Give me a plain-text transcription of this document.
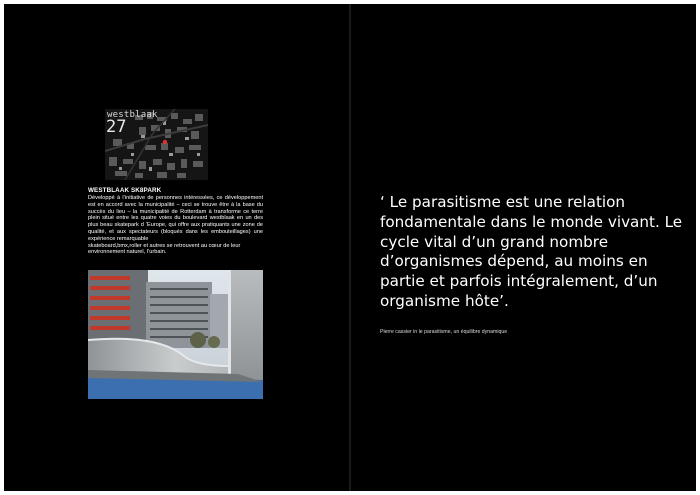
westblaak
27

WESTBLAAK SK8PARK

Développé à l’initiative de personnes intéressées, ce développement est en accord avec la municipalité – ceci se trouve être à la base du succès du lieu – la municipalité de Rotterdam à transforme ce terre plein situé entre les quatre voies du boulevard westblaak en un des plus beau skatepark d ‘Europe, qui offre aux pratiquants une zone de qualité, et aux spectateurs (bloqués dans les embouteillages) une expérience remarquable

skateboard,bmx,roller et autres se retrouvent au cœur de leur environnement naturel, l’urbain.

‘ Le parasitisme est une relation fondamentale dans le monde vivant. Le cycle vital d’un grand nombre d’organismes dépend, au moins en partie et parfois intégralement, d’un organisme hôte’.

Pierre cassier in le parasitisme, un équilibre dynamique
